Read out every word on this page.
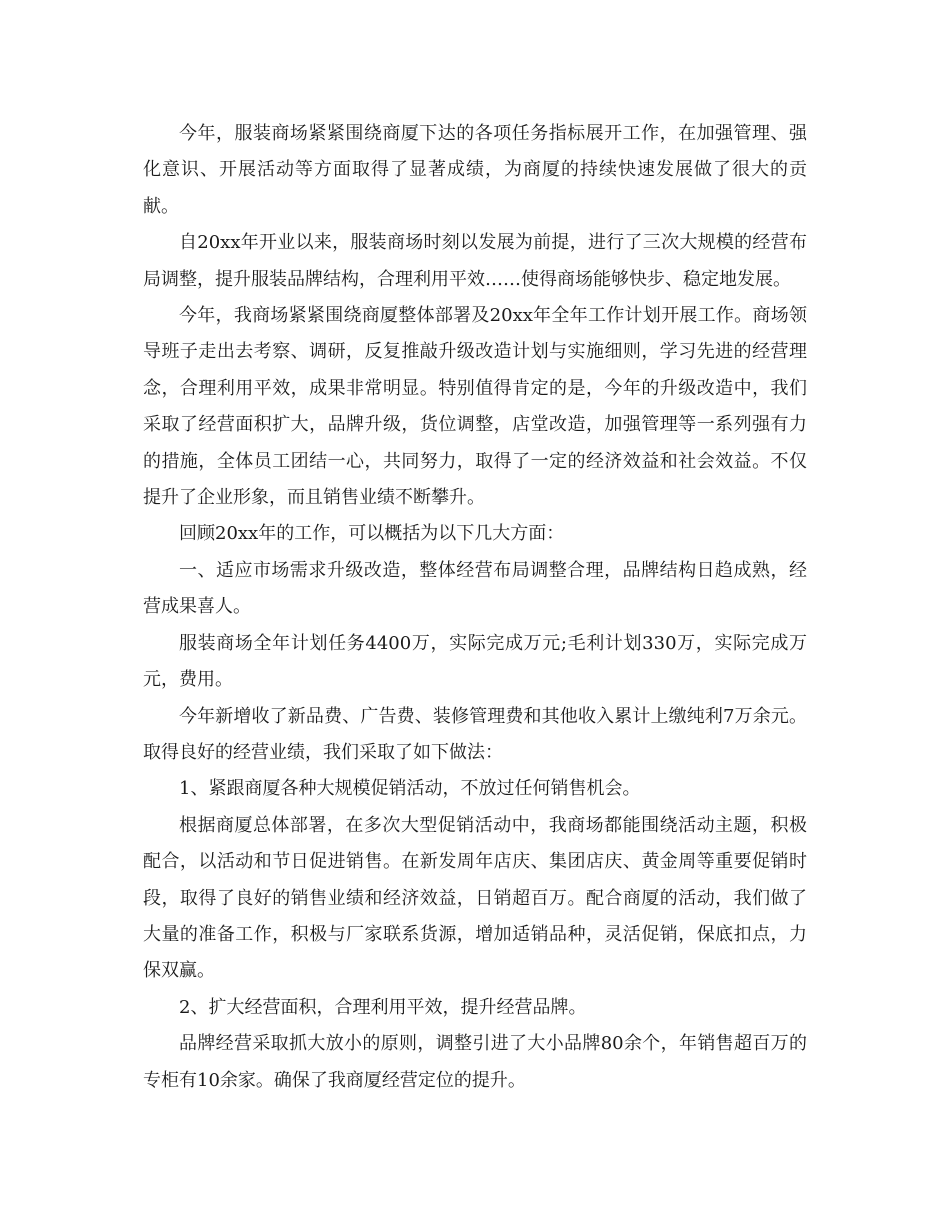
今年，服装商场紧紧围绕商厦下达的各项任务指标展开工作，在加强管理、强化意识、开展活动等方面取得了显著成绩，为商厦的持续快速发展做了很大的贡献。

自20xx年开业以来，服装商场时刻以发展为前提，进行了三次大规模的经营布局调整，提升服装品牌结构，合理利用平效……使得商场能够快步、稳定地发展。

今年，我商场紧紧围绕商厦整体部署及20xx年全年工作计划开展工作。商场领导班子走出去考察、调研，反复推敲升级改造计划与实施细则，学习先进的经营理念，合理利用平效，成果非常明显。特别值得肯定的是，今年的升级改造中，我们采取了经营面积扩大，品牌升级，货位调整，店堂改造，加强管理等一系列强有力的措施，全体员工团结一心，共同努力，取得了一定的经济效益和社会效益。不仅提升了企业形象，而且销售业绩不断攀升。

回顾20xx年的工作，可以概括为以下几大方面：

一、适应市场需求升级改造，整体经营布局调整合理，品牌结构日趋成熟，经营成果喜人。

服装商场全年计划任务4400万，实际完成万元;毛利计划330万，实际完成万元，费用。

今年新增收了新品费、广告费、装修管理费和其他收入累计上缴纯利7万余元。取得良好的经营业绩，我们采取了如下做法：

1、紧跟商厦各种大规模促销活动，不放过任何销售机会。

根据商厦总体部署，在多次大型促销活动中，我商场都能围绕活动主题，积极配合，以活动和节日促进销售。在新发周年店庆、集团店庆、黄金周等重要促销时段，取得了良好的销售业绩和经济效益，日销超百万。配合商厦的活动，我们做了大量的准备工作，积极与厂家联系货源，增加适销品种，灵活促销，保底扣点，力保双赢。

2、扩大经营面积，合理利用平效，提升经营品牌。

品牌经营采取抓大放小的原则，调整引进了大小品牌80余个，年销售超百万的专柜有10余家。确保了我商厦经营定位的提升。
